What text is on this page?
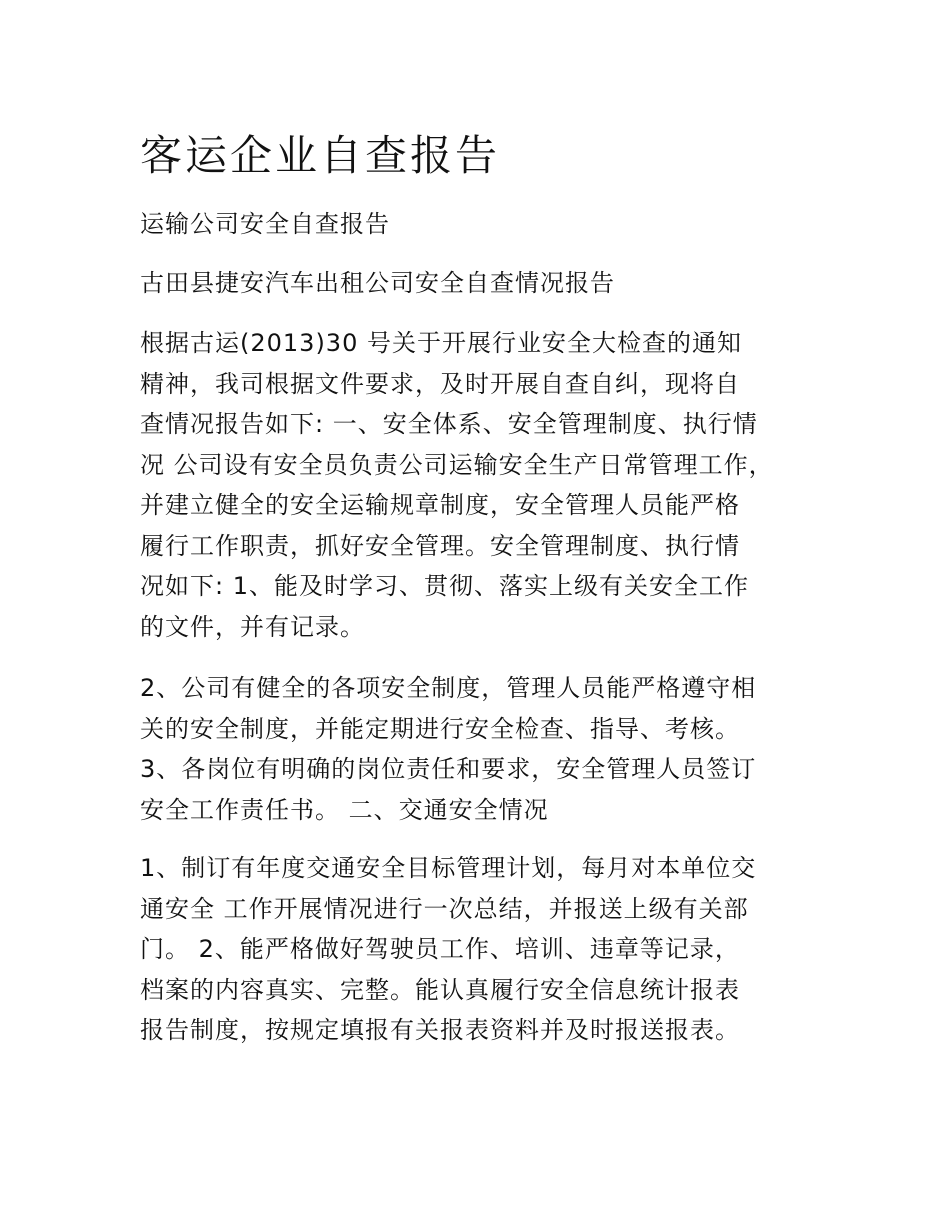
客运企业自查报告

运输公司安全自查报告

古田县捷安汽车出租公司安全自查情况报告

根据古运(2013)30 号关于开展行业安全大检查的通知
精神，我司根据文件要求，及时开展自查自纠，现将自
查情况报告如下: 一、安全体系、安全管理制度、执行情
况 公司设有安全员负责公司运输安全生产日常管理工作，
并建立健全的安全运输规章制度，安全管理人员能严格
履行工作职责，抓好安全管理。安全管理制度、执行情
况如下: 1、能及时学习、贯彻、落实上级有关安全工作
的文件，并有记录。
2、公司有健全的各项安全制度，管理人员能严格遵守相
关的安全制度，并能定期进行安全检查、指导、考核。
3、各岗位有明确的岗位责任和要求，安全管理人员签订
安全工作责任书。 二、交通安全情况
1、制订有年度交通安全目标管理计划，每月对本单位交
通安全 工作开展情况进行一次总结，并报送上级有关部
门。 2、能严格做好驾驶员工作、培训、违章等记录，
档案的内容真实、完整。能认真履行安全信息统计报表
报告制度，按规定填报有关报表资料并及时报送报表。
